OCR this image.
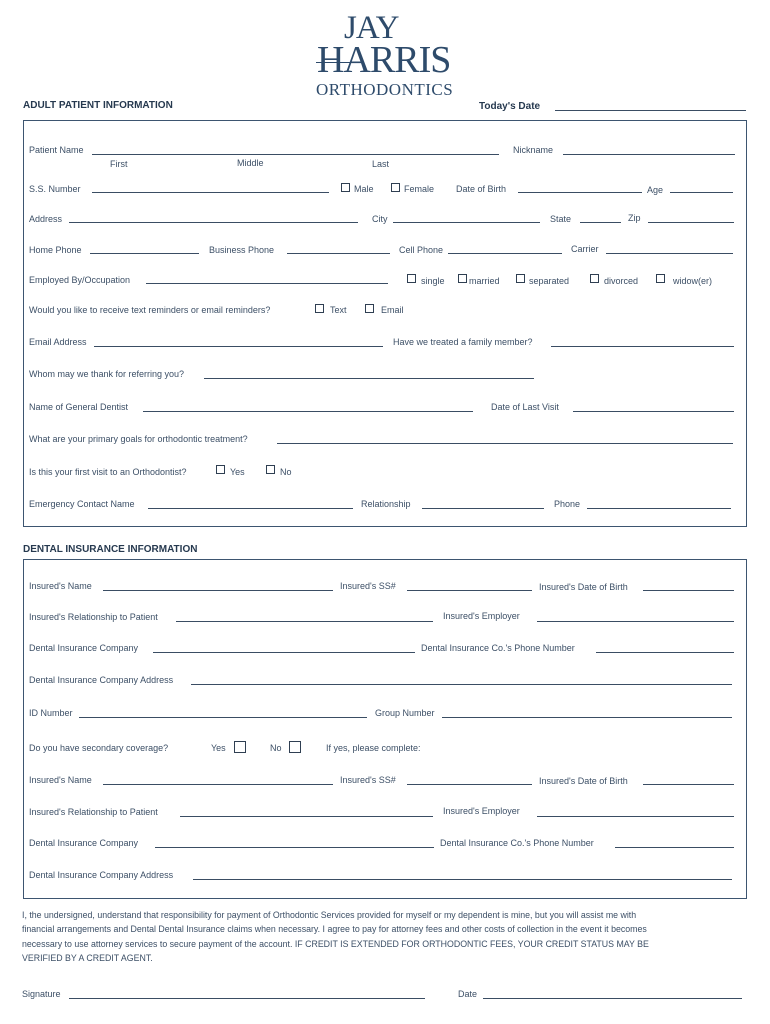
JAY
HARRIS
ORTHODONTICS
ADULT PATIENT INFORMATION	Today's Date
Patient Name
First	Middle	Last
Nickname
S.S. Number	Male	Female Date of Birth	Age
Address	City	State	Zip
Home Phone	Business Phone	Cell Phone	Carrier
Employed By/Occupation	single	married	separated	divorced	widow(er)
Would you like to receive text reminders or email reminders?	Text	Email
Email Address	Have we treated a family member?
Whom may we thank for referring you?
Name of General Dentist	Date of Last Visit
What are your primary goals for orthodontic treatment?
Is this your first visit to an Orthodontist?	Yes	No
Emergency Contact Name	Relationship	Phone
DENTAL INSURANCE INFORMATION
Insured's Name	Insured's SS#	Insured's Date of Birth
Insured's Relationship to Patient	Insured's Employer
Dental Insurance Company	Dental Insurance Co.'s Phone Number
Dental Insurance Company Address
ID Number	Group Number
Do you have secondary coverage?	Yes	No	If yes, please complete:
Insured's Name	Insured's SS#	Insured's Date of Birth
Insured's Relationship to Patient	Insured's Employer
Dental Insurance Company	Dental Insurance Co.'s Phone Number
Dental Insurance Company Address
I, the undersigned, understand that responsibility for payment of Orthodontic Services provided for myself or my dependent is mine, but you will assist me with
financial arrangements and Dental Dental Insurance claims when necessary. I agree to pay for attorney fees and other costs of collection in the event it becomes
necessary to use attorney services to secure payment of the account. IF CREDIT IS EXTENDED FOR ORTHODONTIC FEES, YOUR CREDIT STATUS MAY BE
VERIFIED BY A CREDIT AGENT.
Signature	Date
